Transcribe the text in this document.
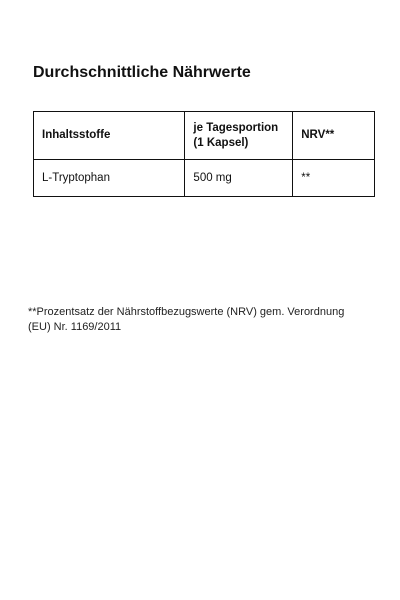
Durchschnittliche Nährwerte
Inhaltsstoffe	je Tagesportion (1 Kapsel)	NRV**
L-Tryptophan	500 mg	**
**Prozentsatz der Nährstoffbezugswerte (NRV) gem. Verordnung (EU) Nr. 1169/2011
